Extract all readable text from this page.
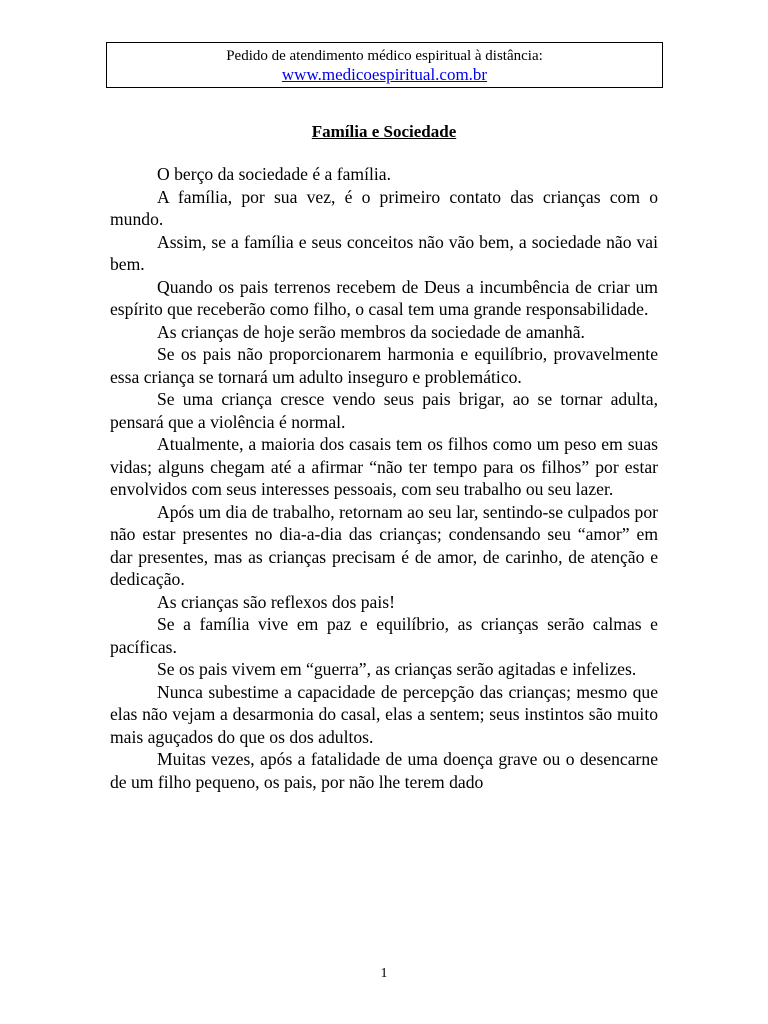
Pedido de atendimento médico espiritual à distância:
www.medicoespiritual.com.br
Família e Sociedade

O berço da sociedade é a família.

A família, por sua vez, é o primeiro contato das crianças com o mundo.

Assim, se a família e seus conceitos não vão bem, a sociedade não vai bem.

Quando os pais terrenos recebem de Deus a incumbência de criar um espírito que receberão como filho, o casal tem uma grande responsabilidade.

As crianças de hoje serão membros da sociedade de amanhã.

Se os pais não proporcionarem harmonia e equilíbrio, provavelmente essa criança se tornará um adulto inseguro e problemático.

Se uma criança cresce vendo seus pais brigar, ao se tornar adulta, pensará que a violência é normal.

Atualmente, a maioria dos casais tem os filhos como um peso em suas vidas; alguns chegam até a afirmar “não ter tempo para os filhos” por estar envolvidos com seus interesses pessoais, com seu trabalho ou seu lazer.

Após um dia de trabalho, retornam ao seu lar, sentindo-se culpados por não estar presentes no dia-a-dia das crianças; condensando seu “amor” em dar presentes, mas as crianças precisam é de amor, de carinho, de atenção e dedicação.

As crianças são reflexos dos pais!

Se a família vive em paz e equilíbrio, as crianças serão calmas e pacíficas.

Se os pais vivem em “guerra”, as crianças serão agitadas e infelizes.

Nunca subestime a capacidade de percepção das crianças; mesmo que elas não vejam a desarmonia do casal, elas a sentem; seus instintos são muito mais aguçados do que os dos adultos.

Muitas vezes, após a fatalidade de uma doença grave ou o desencarne de um filho pequeno, os pais, por não lhe terem dado

1
